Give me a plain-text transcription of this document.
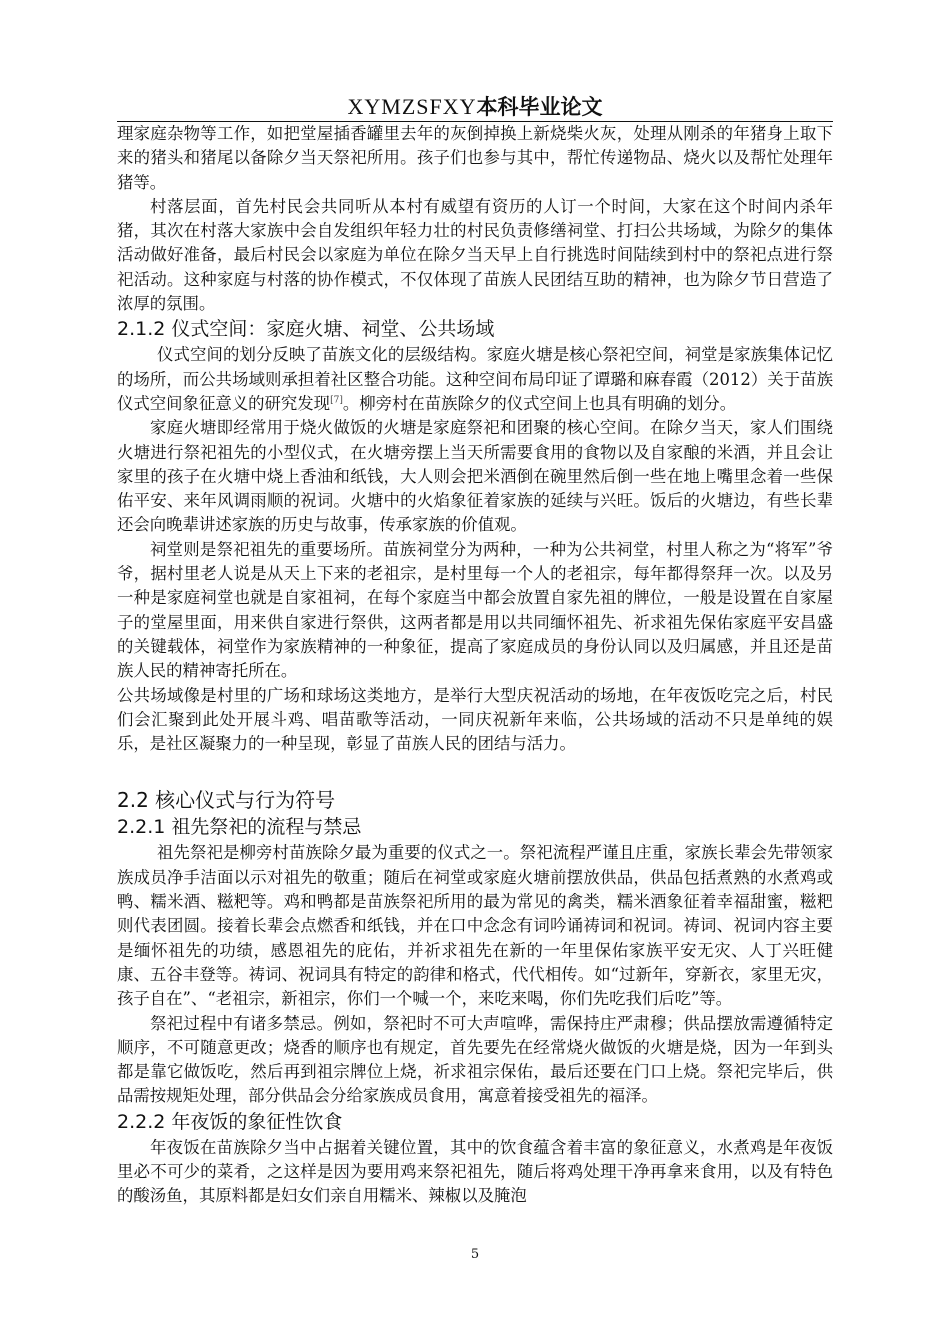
XYMZSFXY本科毕业论文

理家庭杂物等工作，如把堂屋插香罐里去年的灰倒掉换上新烧柴火灰，处理从刚杀的年猪身上取下来的猪头和猪尾以备除夕当天祭祀所用。孩子们也参与其中，帮忙传递物品、烧火以及帮忙处理年猪等。

村落层面，首先村民会共同听从本村有威望有资历的人订一个时间，大家在这个时间内杀年猪，其次在村落大家族中会自发组织年轻力壮的村民负责修缮祠堂、打扫公共场域，为除夕的集体活动做好准备，最后村民会以家庭为单位在除夕当天早上自行挑选时间陆续到村中的祭祀点进行祭祀活动。这种家庭与村落的协作模式，不仅体现了苗族人民团结互助的精神，也为除夕节日营造了浓厚的氛围。

2.1.2 仪式空间：家庭火塘、祠堂、公共场域

仪式空间的划分反映了苗族文化的层级结构。家庭火塘是核心祭祀空间，祠堂是家族集体记忆的场所，而公共场域则承担着社区整合功能。这种空间布局印证了谭璐和麻春霞（2012）关于苗族仪式空间象征意义的研究发现[7]。柳旁村在苗族除夕的仪式空间上也具有明确的划分。

家庭火塘即经常用于烧火做饭的火塘是家庭祭祀和团聚的核心空间。在除夕当天，家人们围绕火塘进行祭祀祖先的小型仪式，在火塘旁摆上当天所需要食用的食物以及自家酿的米酒，并且会让家里的孩子在火塘中烧上香油和纸钱，大人则会把米酒倒在碗里然后倒一些在地上嘴里念着一些保佑平安、来年风调雨顺的祝词。火塘中的火焰象征着家族的延续与兴旺。饭后的火塘边，有些长辈还会向晚辈讲述家族的历史与故事，传承家族的价值观。

祠堂则是祭祀祖先的重要场所。苗族祠堂分为两种，一种为公共祠堂，村里人称之为“将军”爷爷，据村里老人说是从天上下来的老祖宗，是村里每一个人的老祖宗，每年都得祭拜一次。以及另一种是家庭祠堂也就是自家祖祠，在每个家庭当中都会放置自家先祖的牌位，一般是设置在自家屋子的堂屋里面，用来供自家进行祭供，这两者都是用以共同缅怀祖先、祈求祖先保佑家庭平安昌盛的关键载体，祠堂作为家族精神的一种象征，提高了家庭成员的身份认同以及归属感，并且还是苗族人民的精神寄托所在。

公共场域像是村里的广场和球场这类地方，是举行大型庆祝活动的场地，在年夜饭吃完之后，村民们会汇聚到此处开展斗鸡、唱苗歌等活动，一同庆祝新年来临，公共场域的活动不只是单纯的娱乐，是社区凝聚力的一种呈现，彰显了苗族人民的团结与活力。

2.2 核心仪式与行为符号

2.2.1 祖先祭祀的流程与禁忌

祖先祭祀是柳旁村苗族除夕最为重要的仪式之一。祭祀流程严谨且庄重，家族长辈会先带领家族成员净手洁面以示对祖先的敬重；随后在祠堂或家庭火塘前摆放供品，供品包括煮熟的水煮鸡或鸭、糯米酒、糍粑等。鸡和鸭都是苗族祭祀所用的最为常见的禽类，糯米酒象征着幸福甜蜜，糍粑则代表团圆。接着长辈会点燃香和纸钱，并在口中念念有词吟诵祷词和祝词。祷词、祝词内容主要是缅怀祖先的功绩，感恩祖先的庇佑，并祈求祖先在新的一年里保佑家族平安无灾、人丁兴旺健康、五谷丰登等。祷词、祝词具有特定的韵律和格式，代代相传。如“过新年，穿新衣，家里无灾，孩子自在”、“老祖宗，新祖宗，你们一个喊一个，来吃来喝，你们先吃我们后吃”等。

祭祀过程中有诸多禁忌。例如，祭祀时不可大声喧哗，需保持庄严肃穆；供品摆放需遵循特定顺序，不可随意更改；烧香的顺序也有规定，首先要先在经常烧火做饭的火塘是烧，因为一年到头都是靠它做饭吃，然后再到祖宗牌位上烧，祈求祖宗保佑，最后还要在门口上烧。祭祀完毕后，供品需按规矩处理，部分供品会分给家族成员食用，寓意着接受祖先的福泽。

2.2.2 年夜饭的象征性饮食

年夜饭在苗族除夕当中占据着关键位置，其中的饮食蕴含着丰富的象征意义，水煮鸡是年夜饭里必不可少的菜肴，之这样是因为要用鸡来祭祀祖先，随后将鸡处理干净再拿来食用，以及有特色的酸汤鱼，其原料都是妇女们亲自用糯米、辣椒以及腌泡

5
